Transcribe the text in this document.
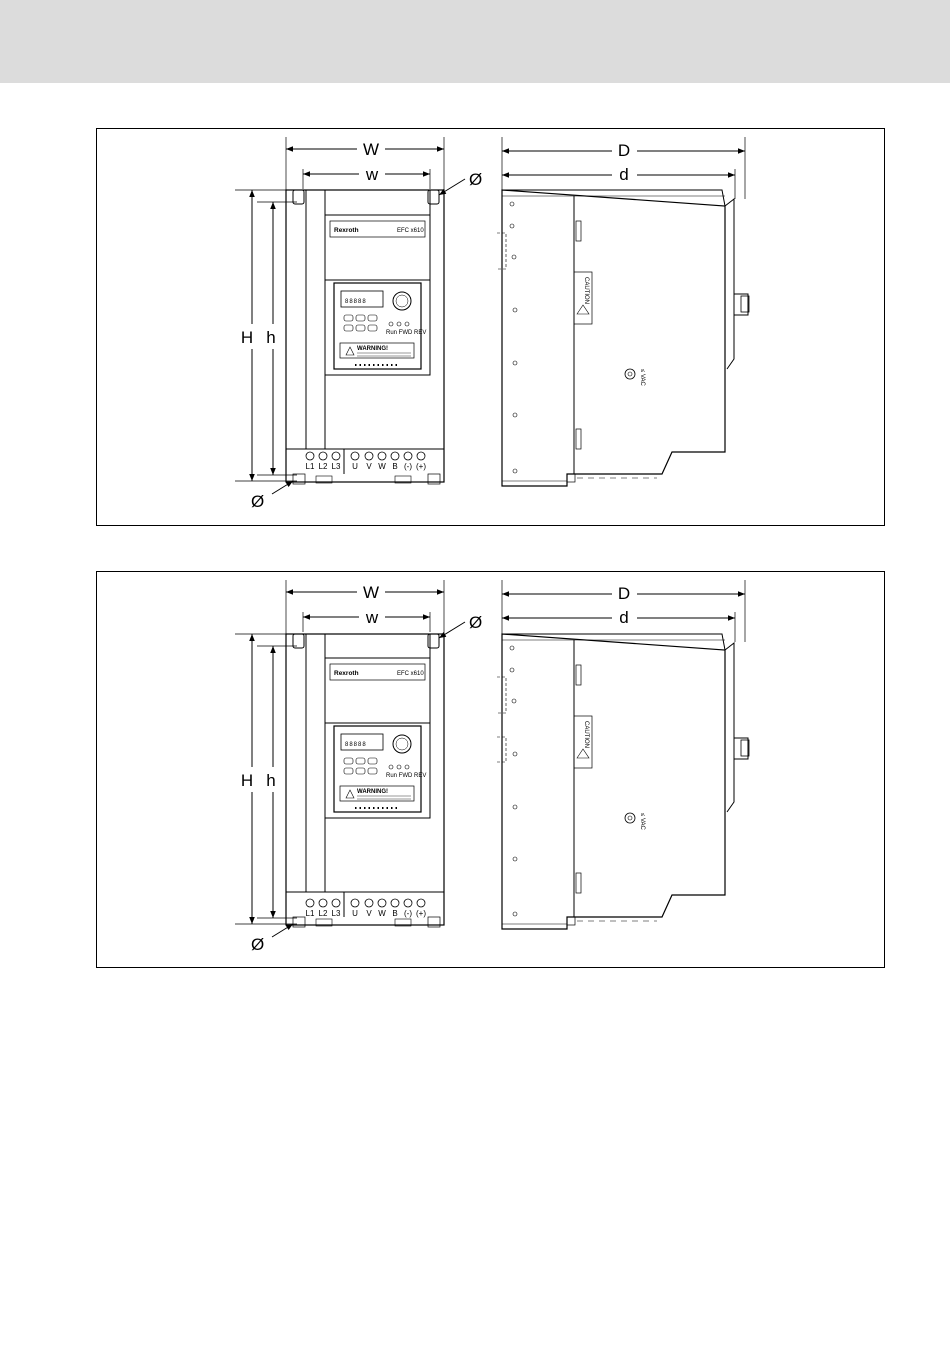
W
w
H h
Ø
Ø
Rexroth	EFC x610
88888
Run FWD REV
WARNING!
L1 L2 L3 U V W B (-) (+)
D
d
CAUTION
≤ VAC
W
w
H h
Ø
Ø
Rexroth	EFC x610
88888
Run FWD REV
WARNING!
L1 L2 L3 U V W B (-) (+)
D
d
CAUTION
≤ VAC
